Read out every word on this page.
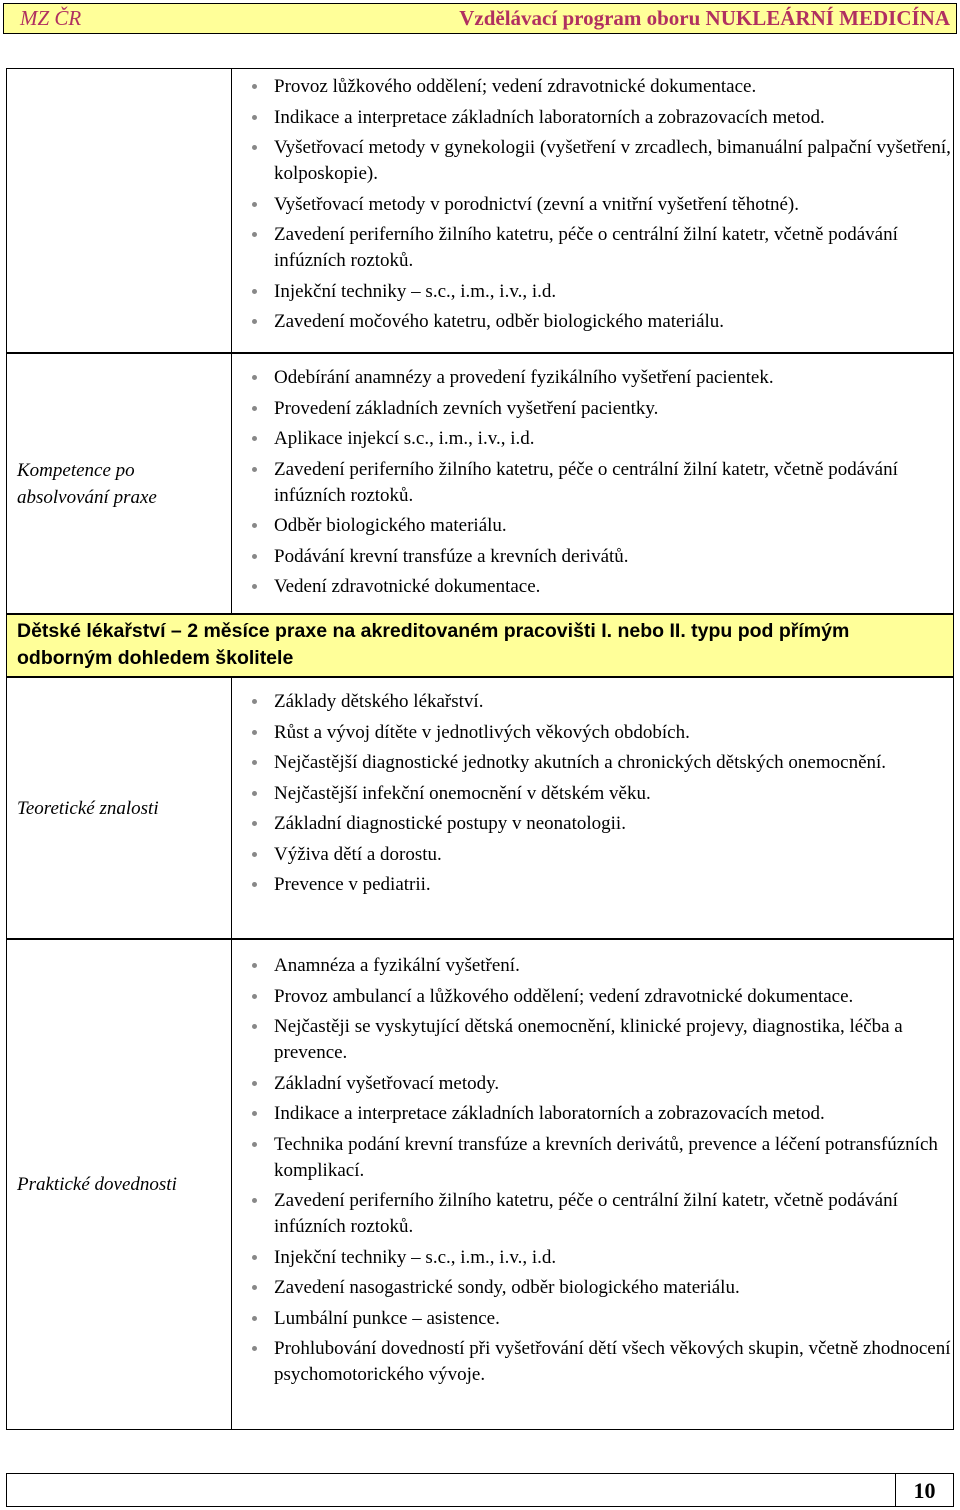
MZ ČR	Vzdělávací program oboru NUKLEÁRNÍ MEDICÍNA
Provoz lůžkového oddělení; vedení zdravotnické dokumentace.
Indikace a interpretace základních laboratorních a zobrazovacích metod.
Vyšetřovací metody v gynekologii (vyšetření v zrcadlech, bimanuální palpační vyšetření, kolposkopie).
Vyšetřovací metody v porodnictví (zevní a vnitřní vyšetření těhotné).
Zavedení periferního žilního katetru, péče o centrální žilní katetr, včetně podávání infúzních roztoků.
Injekční techniky – s.c., i.m., i.v., i.d.
Zavedení močového katetru, odběr biologického materiálu.
Kompetence po absolvování praxe
Odebírání anamnézy a provedení fyzikálního vyšetření pacientek.
Provedení základních zevních vyšetření pacientky.
Aplikace injekcí s.c., i.m., i.v., i.d.
Zavedení periferního žilního katetru, péče o centrální žilní katetr, včetně podávání infúzních roztoků.
Odběr biologického materiálu.
Podávání krevní transfúze a krevních derivátů.
Vedení zdravotnické dokumentace.
Dětské lékařství – 2 měsíce praxe na akreditovaném pracovišti I. nebo II. typu pod přímým odborným dohledem školitele
Teoretické znalosti
Základy dětského lékařství.
Růst a vývoj dítěte v jednotlivých věkových obdobích.
Nejčastější diagnostické jednotky akutních a chronických dětských onemocnění.
Nejčastější infekční onemocnění v dětském věku.
Základní diagnostické postupy v neonatologii.
Výživa dětí a dorostu.
Prevence v pediatrii.
Praktické dovednosti
Anamnéza a fyzikální vyšetření.
Provoz ambulancí a lůžkového oddělení; vedení zdravotnické dokumentace.
Nejčastěji se vyskytující dětská onemocnění, klinické projevy, diagnostika, léčba a prevence.
Základní vyšetřovací metody.
Indikace a interpretace základních laboratorních a zobrazovacích metod.
Technika podání krevní transfúze a krevních derivátů, prevence a léčení potransfúzních komplikací.
Zavedení periferního žilního katetru, péče o centrální žilní katetr, včetně podávání infúzních roztoků.
Injekční techniky – s.c., i.m., i.v., i.d.
Zavedení nasogastrické sondy, odběr biologického materiálu.
Lumbální punkce – asistence.
Prohlubování dovedností při vyšetřování dětí všech věkových skupin, včetně zhodnocení psychomotorického vývoje.
10
